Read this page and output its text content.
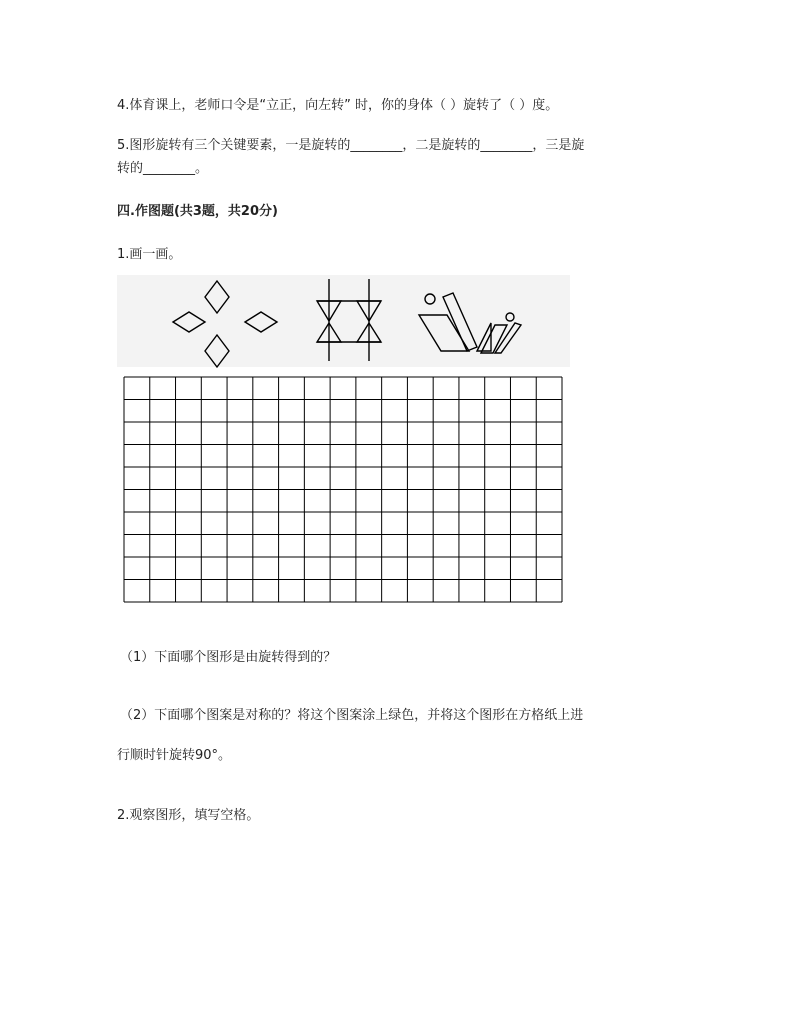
4.体育课上，老师口令是“立正，向左转” 时，你的身体（ ）旋转了（ ）度。
5.图形旋转有三个关键要素，一是旋转的________，二是旋转的________，三是旋
转的________。
四.作图题(共3题，共20分)
1.画一画。
（1）下面哪个图形是由旋转得到的？
（2）下面哪个图案是对称的？将这个图案涂上绿色，并将这个图形在方格纸上进
行顺时针旋转90°。
2.观察图形，填写空格。
